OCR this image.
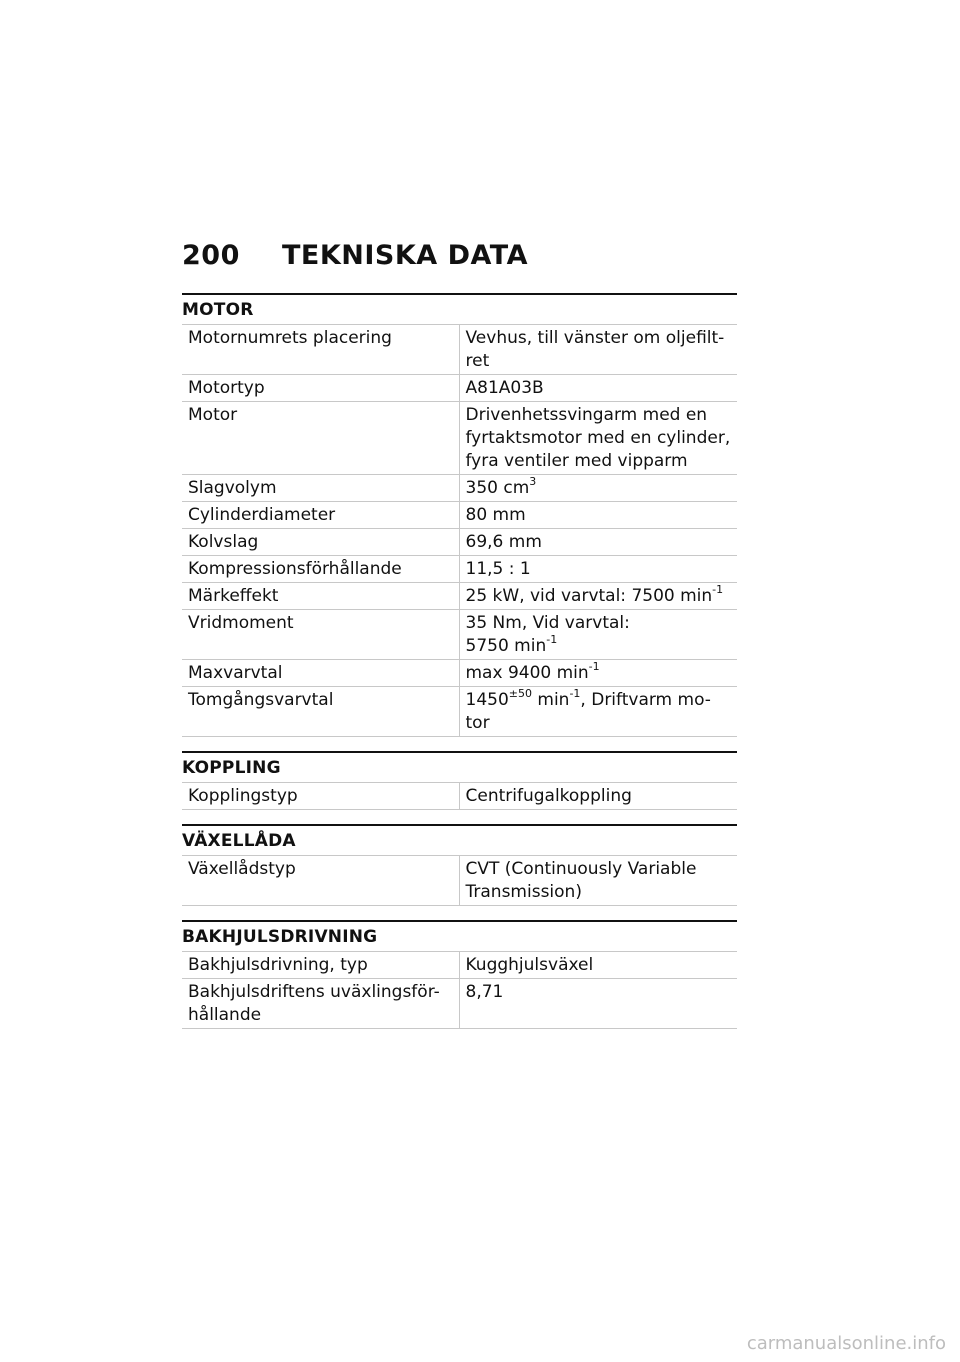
200 TEKNISKA DATA
MOTOR
Motornumrets placering	Vevhus, till vänster om oljefilt-ret
Motortyp	A81A03B
Motor	Drivenhetssvingarm med en fyrtaktsmotor med en cylinder, fyra ventiler med vipparm
Slagvolym	350 $cm^3$
Cylinderdiameter	80 mm
Kolvslag	69,6 mm
Kompressionsförhållande	11,5 : 1
Märkeffekt	25 kW, vid varvtal: 7500 $\min^{-1}$
Vridmoment	35 Nm, Vid varvtal:
5750 $\min^{-1}$
Maxvarvtal	max 9400 $\min^{-1}$
Tomgångsvarvtal	$1450^{\pm 50}$ $\min^{-1}$, Driftvarm mo-tor
KOPPLING
Kopplingstyp	Centrifugalkoppling
VÄXELLÅDA
Växellådstyp	CVT (Continuously Variable Transmission)
BAKHJULSDRIVNING
Bakhjulsdrivning, typ	Kugghjulsväxel
Bakhjulsdriftens uväxlingsför-hållande	8,71
carmanualsonline.info
